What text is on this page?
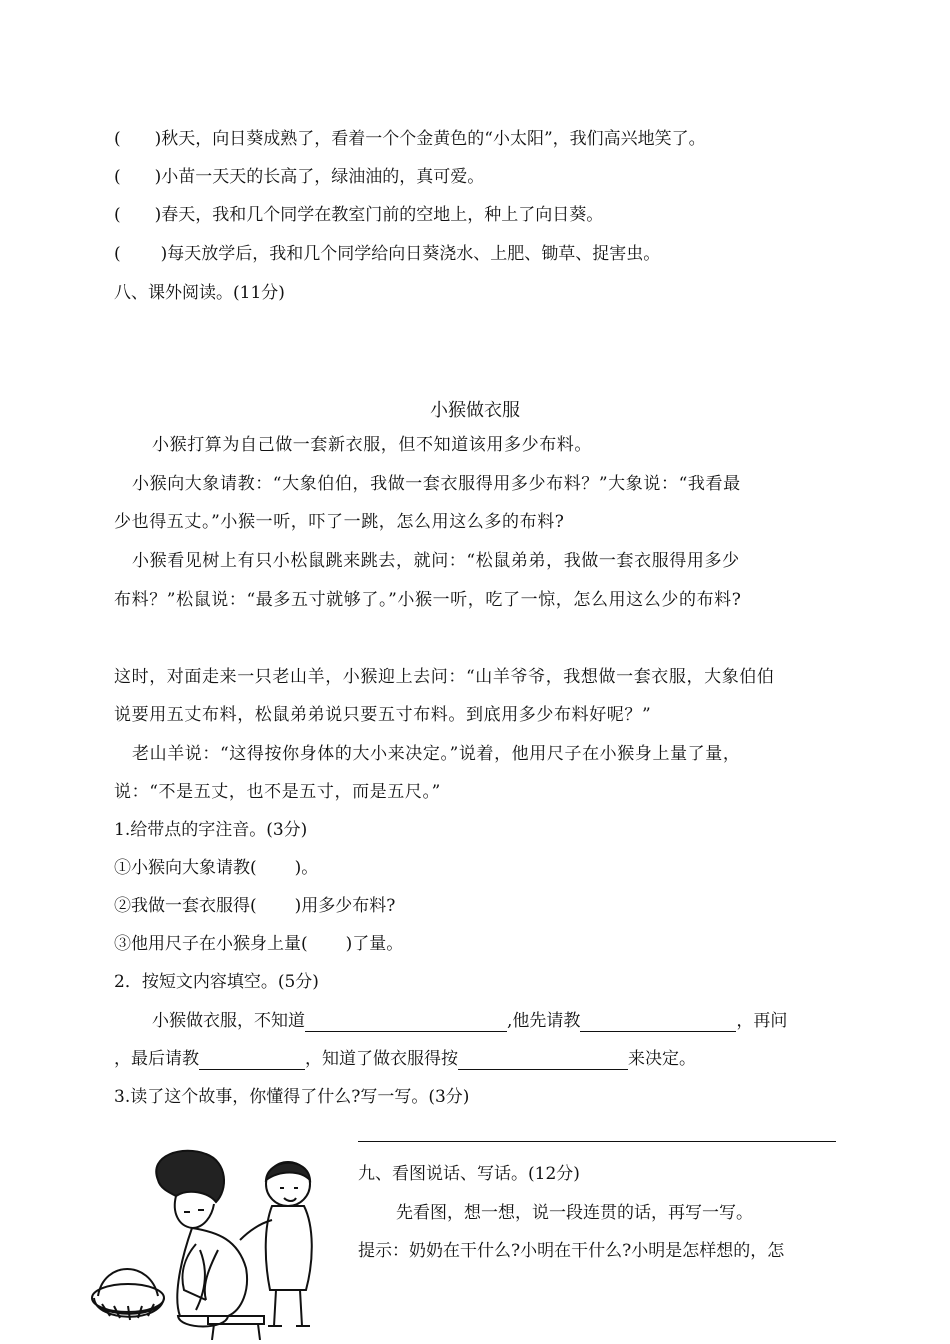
( )秋天，向日葵成熟了，看着一个个金黄色的“小太阳”，我们高兴地笑了。
( )小苗一天天的长高了，绿油油的，真可爱。
( )春天，我和几个同学在教室门前的空地上，种上了向日葵。
( )每天放学后，我和几个同学给向日葵浇水、上肥、锄草、捉害虫。
八、课外阅读。(11分)
小猴做衣服
小猴打算为自己做一套新衣服，但不知道该用多少布料。
小猴向大象请教：“大象伯伯，我做一套衣服得用多少布料？”大象说：“我看最
少也得五丈。”小猴一听，吓了一跳，怎么用这么多的布料?
小猴看见树上有只小松鼠跳来跳去，就问：“松鼠弟弟，我做一套衣服得用多少
布料？”松鼠说：“最多五寸就够了。”小猴一听，吃了一惊，怎么用这么少的布料?
这时，对面走来一只老山羊，小猴迎上去问：“山羊爷爷，我想做一套衣服，大象伯伯
说要用五丈布料，松鼠弟弟说只要五寸布料。到底用多少布料好呢？”
老山羊说：“这得按你身体的大小来决定。”说着，他用尺子在小猴身上量了量，
说：“不是五丈，也不是五寸，而是五尺。”
1.给带点的字注音。(3分)
①小猴向大象请教( )。
②我做一套衣服得( )用多少布料?
③他用尺子在小猴身上量( )了量。
2．按短文内容填空。(5分)
小猴做衣服，不知道	,他先请教	，再问
，最后请教	，知道了做衣服得按	来决定。
3.读了这个故事，你懂得了什么?写一写。(3分)
九、看图说话、写话。(12分)
先看图，想一想，说一段连贯的话，再写一写。
提示：奶奶在干什么?小明在干什么?小明是怎样想的，怎
